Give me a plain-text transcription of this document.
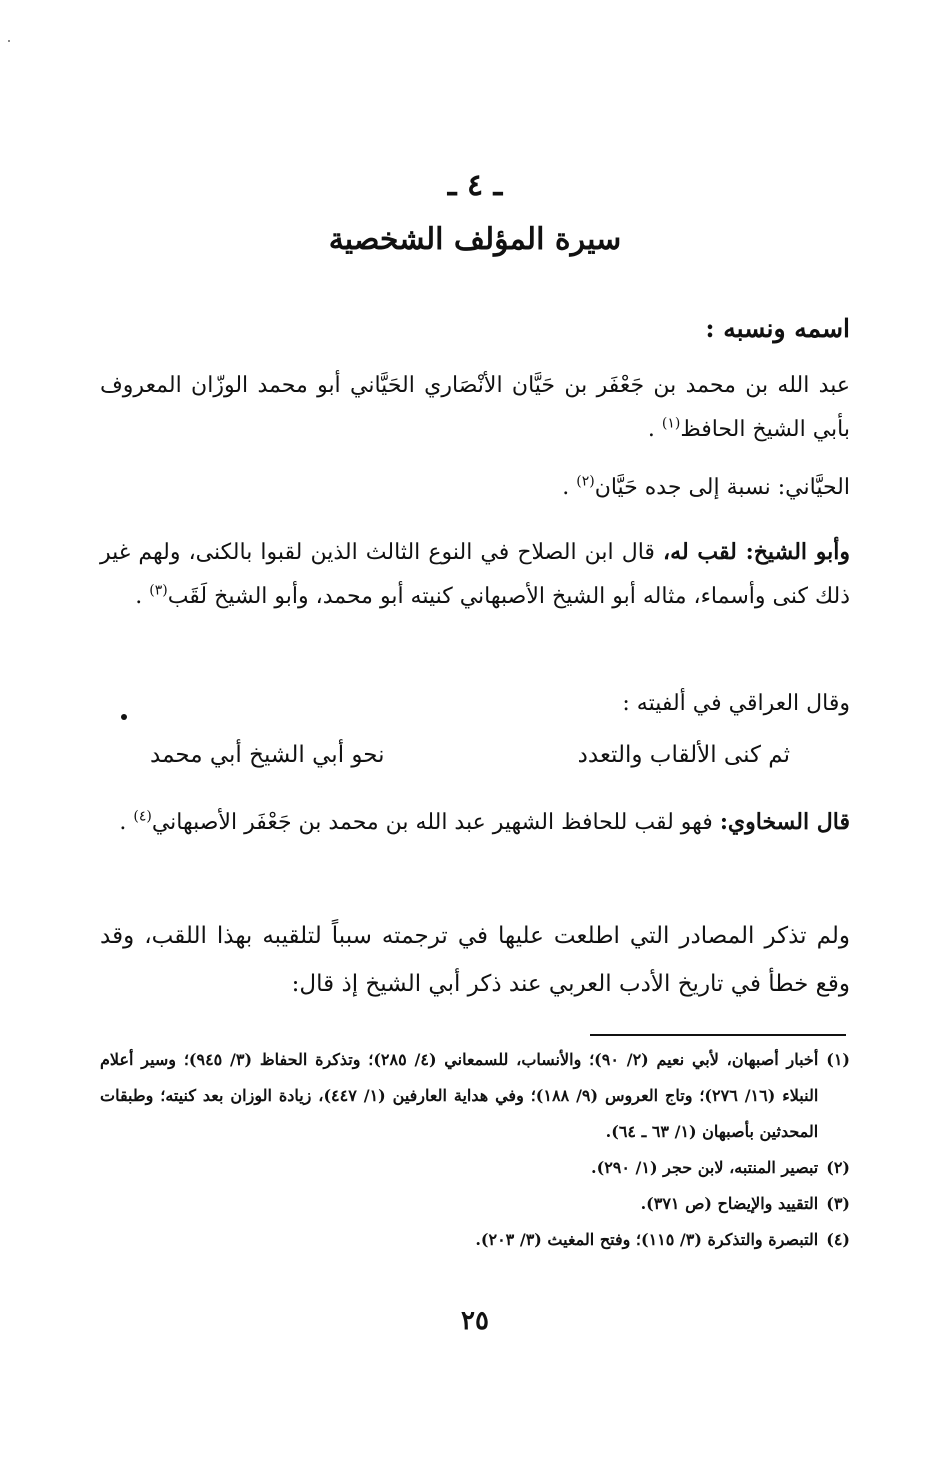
ـ ٤ ـ
سيرة المؤلف الشخصية
اسمه ونسبه :
عبد الله بن محمد بن جَعْفَر بن حَيَّان الأنْصَاري الحَيَّاني أبو محمد الوزّان المعروف بأبي الشيخ الحافظ$^{(١)}$ .
الحيَّاني: نسبة إلى جده حَيَّان$^{(٢)}$ .
وأبو الشيخ: لقب له، قال ابن الصلاح في النوع الثالث الذين لقبوا بالكنى، ولهم غير ذلك كنى وأسماء، مثاله أبو الشيخ الأصبهاني كنيته أبو محمد، وأبو الشيخ لَقَب$^{(٣)}$ .
وقال العراقي في ألفيته :
ثم كنى الألقاب والتعدد
نحو أبي الشيخ أبي محمد
قال السخاوي: فهو لقب للحافظ الشهير عبد الله بن محمد بن جَعْفَر الأصبهاني$^{(٤)}$ .
ولم تذكر المصادر التي اطلعت عليها في ترجمته سبباً لتلقيبه بهذا اللقب، وقد وقع خطأ في تاريخ الأدب العربي عند ذكر أبي الشيخ إذ قال:
(١)
أخبار أصبهان، لأبي نعيم (٢/ ٩٠)؛ والأنساب، للسمعاني (٤/ ٢٨٥)؛ وتذكرة الحفاظ (٣/ ٩٤٥)؛ وسير أعلام النبلاء (١٦/ ٢٧٦)؛ وتاج العروس (٩/ ١٨٨)؛ وفي هداية العارفين (١/ ٤٤٧)، زيادة الوزان بعد كنيته؛ وطبقات المحدثين بأصبهان (١/ ٦٣ ـ ٦٤).
(٢)
تبصير المنتبه، لابن حجر (١/ ٢٩٠).
(٣)
التقييد والإيضاح (ص ٣٧١).
(٤)
التبصرة والتذكرة (٣/ ١١٥)؛ وفتح المغيث (٣/ ٢٠٣).
٢٥
